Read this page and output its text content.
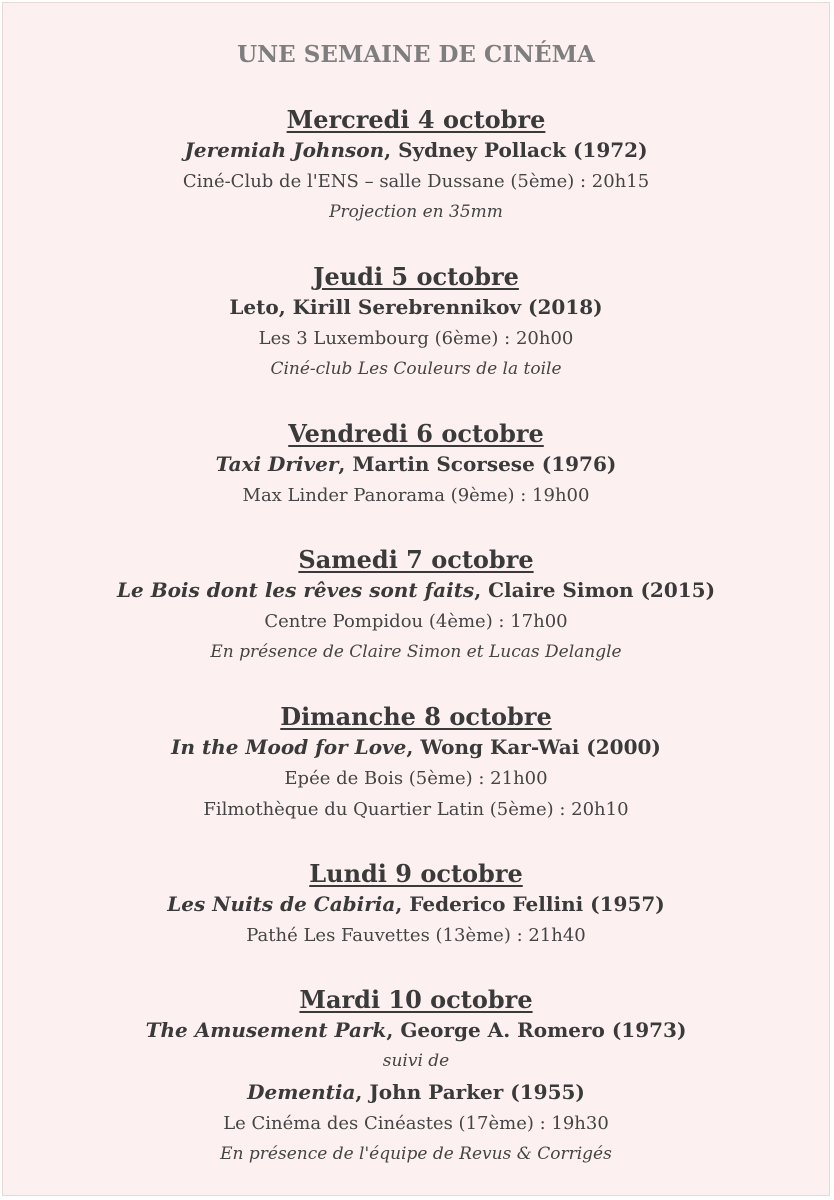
UNE SEMAINE DE CINÉMA
Mercredi 4 octobre
Jeremiah Johnson, Sydney Pollack (1972)
Ciné-Club de l'ENS – salle Dussane (5ème) : 20h15
Projection en 35mm
Jeudi 5 octobre
Leto, Kirill Serebrennikov (2018)
Les 3 Luxembourg (6ème) : 20h00
Ciné-club Les Couleurs de la toile
Vendredi 6 octobre
Taxi Driver, Martin Scorsese (1976)
Max Linder Panorama (9ème) : 19h00
Samedi 7 octobre
Le Bois dont les rêves sont faits, Claire Simon (2015)
Centre Pompidou (4ème) : 17h00
En présence de Claire Simon et Lucas Delangle
Dimanche 8 octobre
In the Mood for Love, Wong Kar-Wai (2000)
Epée de Bois (5ème) : 21h00
Filmothèque du Quartier Latin (5ème) : 20h10
Lundi 9 octobre
Les Nuits de Cabiria, Federico Fellini (1957)
Pathé Les Fauvettes (13ème) : 21h40
Mardi 10 octobre
The Amusement Park, George A. Romero (1973)
suivi de
Dementia, John Parker (1955)
Le Cinéma des Cinéastes (17ème) : 19h30
En présence de l'équipe de Revus & Corrigés
